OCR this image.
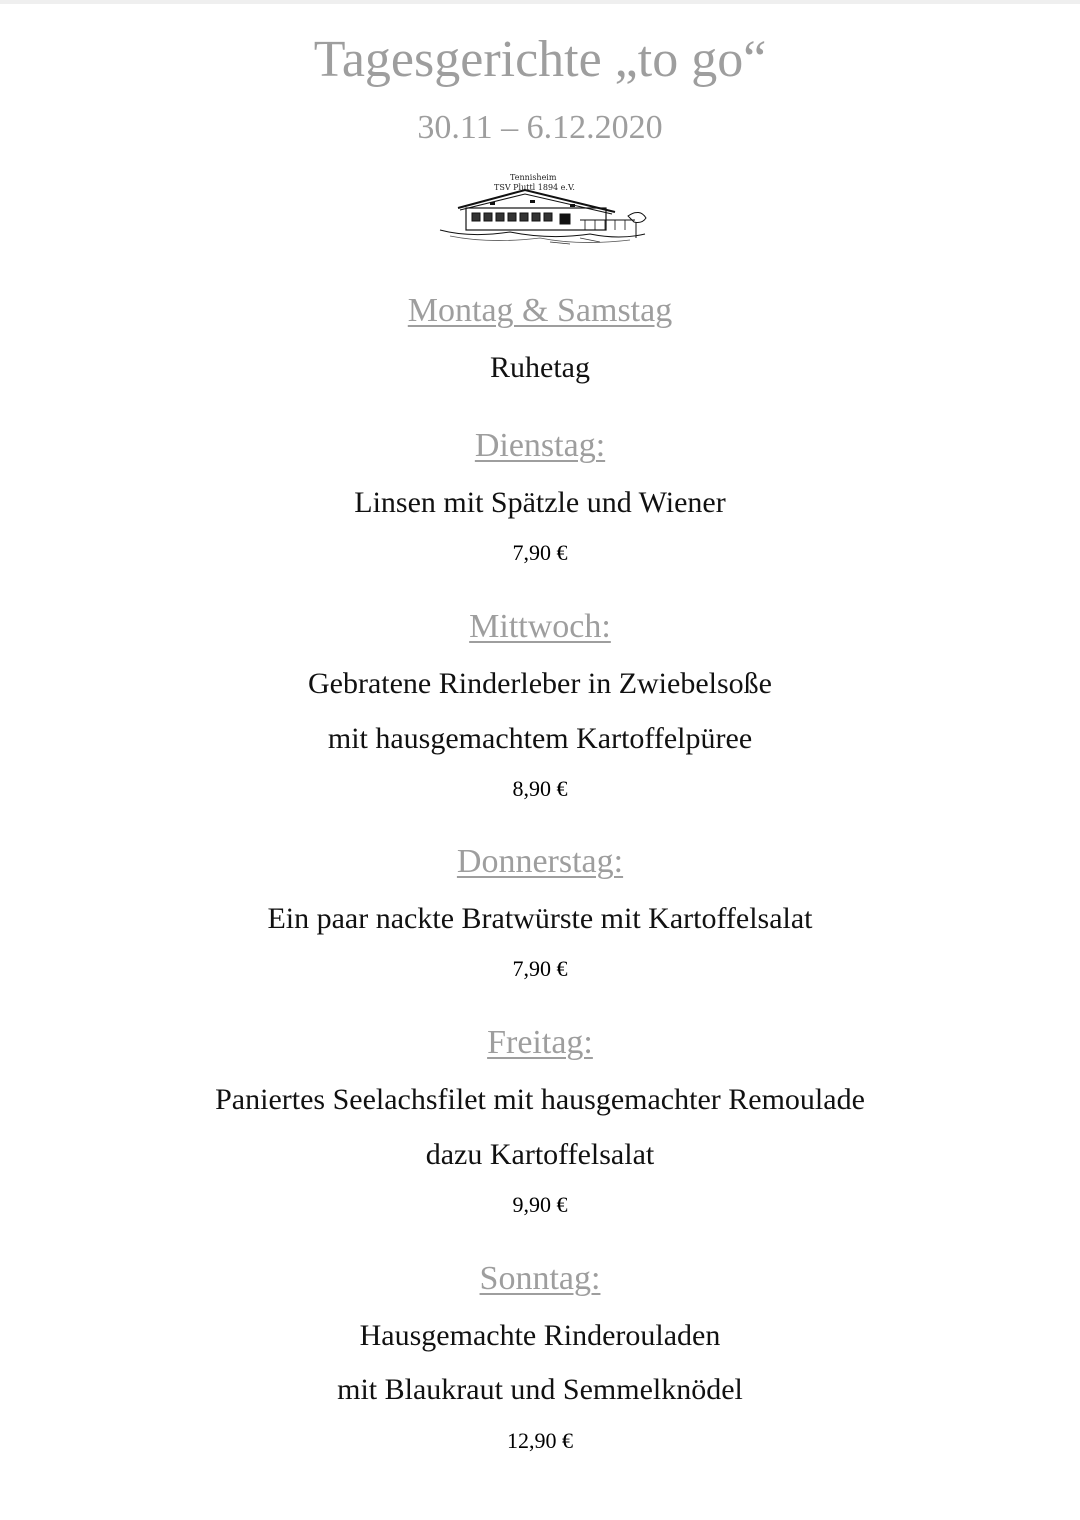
Tagesgerichte „to go“
30.11 – 6.12.2020
Tennisheim
TSV Pluttl 1894 e.V.
Montag & Samstag
Ruhetag
Dienstag:
Linsen mit Spätzle und Wiener
7,90 €
Mittwoch:
Gebratene Rinderleber in Zwiebelsoße
mit hausgemachtem Kartoffelpüree
8,90 €
Donnerstag:
Ein paar nackte Bratwürste mit Kartoffelsalat
7,90 €
Freitag:
Paniertes Seelachsfilet mit hausgemachter Remoulade
dazu Kartoffelsalat
9,90 €
Sonntag:
Hausgemachte Rinderouladen
mit Blaukraut und Semmelknödel
12,90 €
